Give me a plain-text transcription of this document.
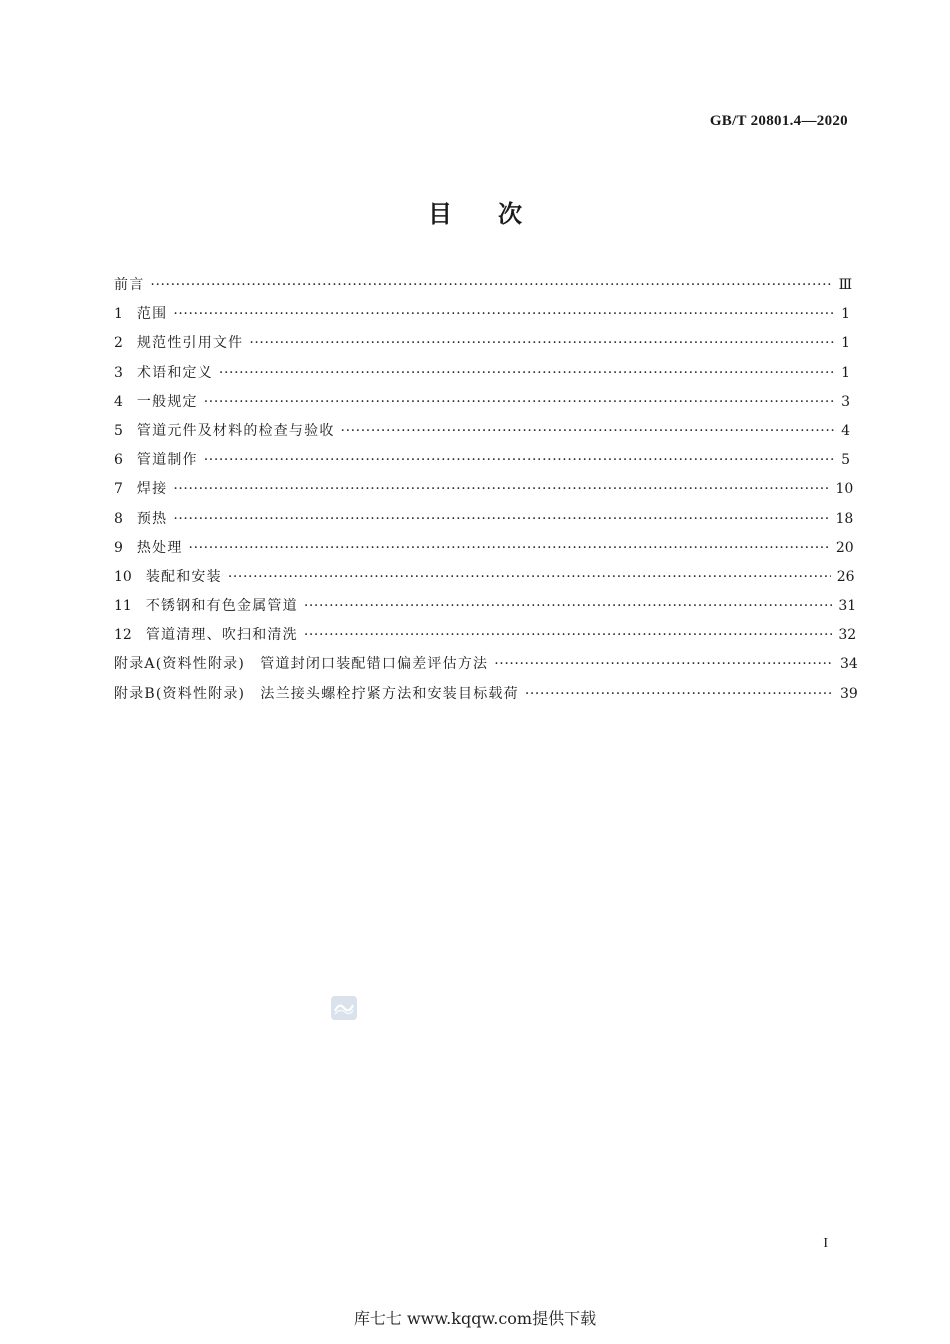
GB/T 20801.4—2020
目次
前言 ·····	Ⅲ
1 范围 ·····	1
2 规范性引用文件 ·····	1
3 术语和定义 ·····	1
4 一般规定 ·····	3
5 管道元件及材料的检查与验收 ·····	4
6 管道制作 ·····	5
7 焊接 ·····	10
8 预热 ·····	18
9 热处理 ·····	20
10 装配和安装 ·····	26
11 不锈钢和有色金属管道 ·····	31
12 管道清理、吹扫和清洗 ·····	32
附录A(资料性附录)　管道封闭口装配错口偏差评估方法 ·····	34
附录B(资料性附录)　法兰接头螺栓拧紧方法和安装目标载荷 ·····	39
I
库七七 www.kqqw.com提供下载
